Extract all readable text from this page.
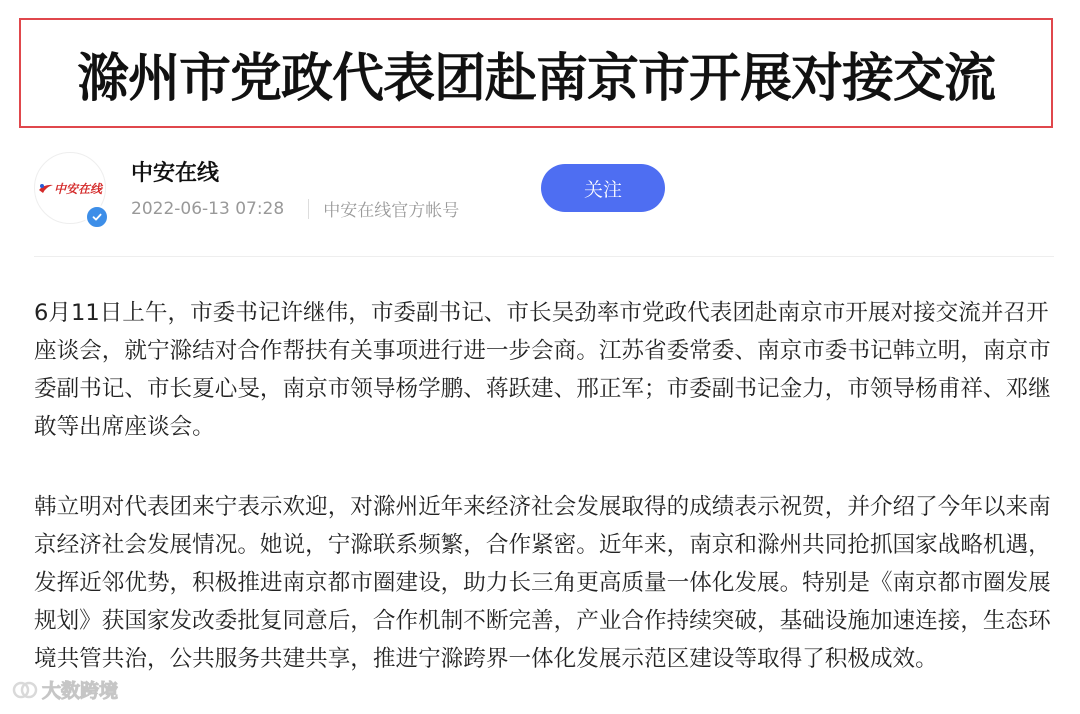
滁州市党政代表团赴南京市开展对接交流
中安在线
中安在线
2022-06-13 07:28 中安在线官方帐号
关注

6月11日上午，市委书记许继伟，市委副书记、市长吴劲率市党政代表团赴南京市开展对接交流并召开座谈会，就宁滁结对合作帮扶有关事项进行进一步会商。江苏省委常委、南京市委书记韩立明，南京市委副书记、市长夏心旻，南京市领导杨学鹏、蒋跃建、邢正军；市委副书记金力，市领导杨甫祥、邓继敢等出席座谈会。

韩立明对代表团来宁表示欢迎，对滁州近年来经济社会发展取得的成绩表示祝贺，并介绍了今年以来南京经济社会发展情况。她说，宁滁联系频繁，合作紧密。近年来，南京和滁州共同抢抓国家战略机遇，发挥近邻优势，积极推进南京都市圈建设，助力长三角更高质量一体化发展。特别是《南京都市圈发展规划》获国家发改委批复同意后，合作机制不断完善，产业合作持续突破，基础设施加速连接，生态环境共管共治，公共服务共建共享，推进宁滁跨界一体化发展示范区建设等取得了积极成效。

大数跨境
